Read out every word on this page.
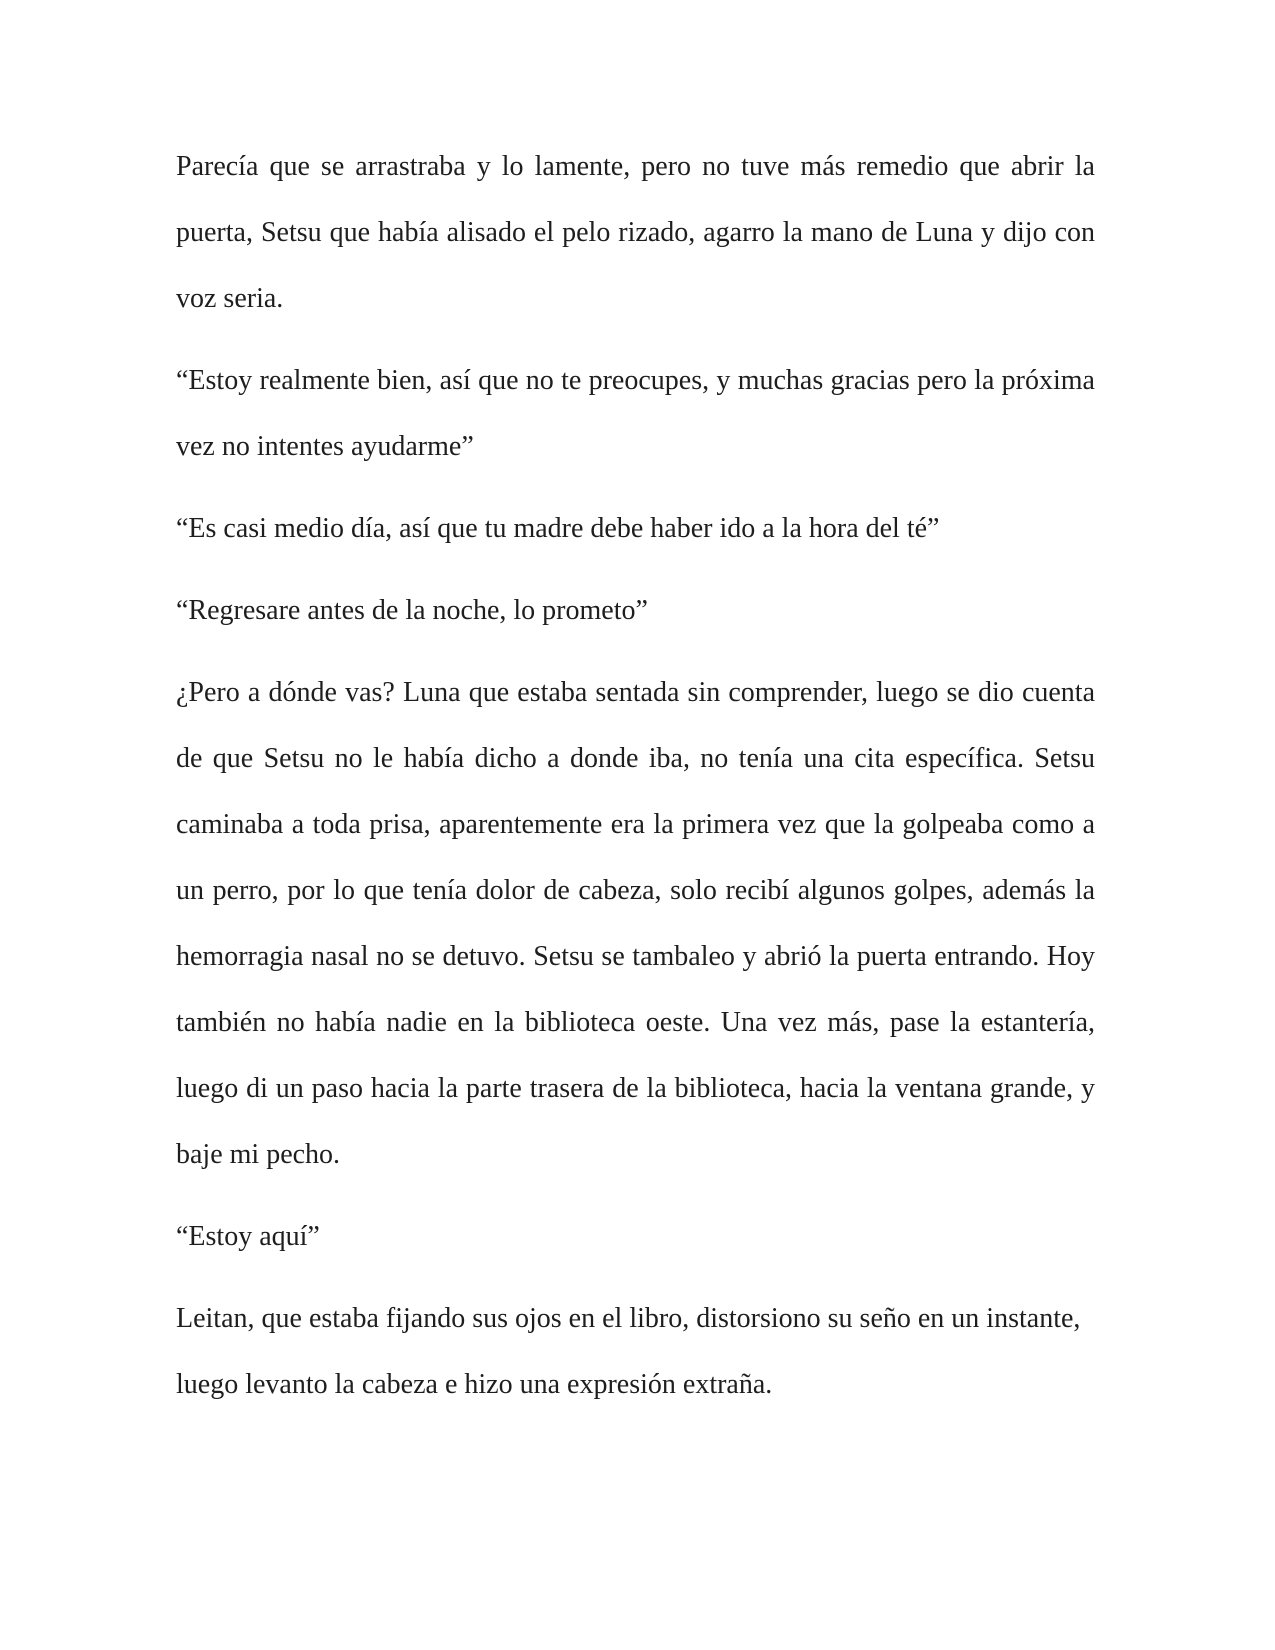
Parecía que se arrastraba y lo lamente, pero no tuve más remedio que abrir la puerta, Setsu que había alisado el pelo rizado, agarro la mano de Luna y dijo con voz seria.

“Estoy realmente bien, así que no te preocupes, y muchas gracias pero la próxima vez no intentes ayudarme”

“Es casi medio día, así que tu madre debe haber ido a la hora del té”

“Regresare antes de la noche, lo prometo”

¿Pero a dónde vas? Luna que estaba sentada sin comprender, luego se dio cuenta de que Setsu no le había dicho a donde iba, no tenía una cita específica. Setsu caminaba a toda prisa, aparentemente era la primera vez que la golpeaba como a un perro, por lo que tenía dolor de cabeza, solo recibí algunos golpes, además la hemorragia nasal no se detuvo. Setsu se tambaleo y abrió la puerta entrando. Hoy también no había nadie en la biblioteca oeste. Una vez más, pase la estantería, luego di un paso hacia la parte trasera de la biblioteca, hacia la ventana grande, y baje mi pecho.

“Estoy aquí”

Leitan, que estaba fijando sus ojos en el libro, distorsiono su seño en un instante, luego levanto la cabeza e hizo una expresión extraña.
